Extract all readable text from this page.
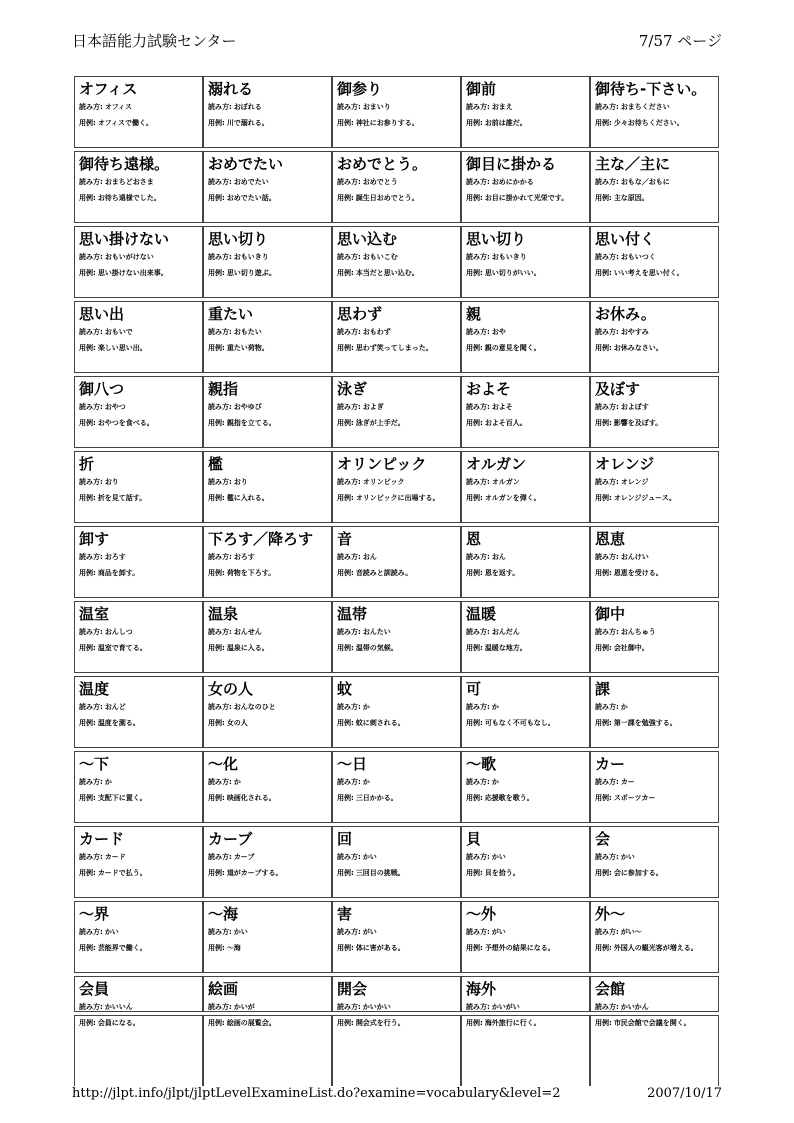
日本語能力試験センター	7/57 ページ
オフィス
読み方: オフィス
用例: オフィスで働く。
溺れる
読み方: おぼれる
用例: 川で溺れる。
御参り
読み方: おまいり
用例: 神社にお参りする。
御前
読み方: おまえ
用例: お前は誰だ。
御待ち-下さい。
読み方: おまちください
用例: 少々お待ちください。
御待ち遠様。
読み方: おまちどおさま
用例: お待ち遠様でした。
おめでたい
読み方: おめでたい
用例: おめでたい話。
おめでとう。
読み方: おめでとう
用例: 誕生日おめでとう。
御目に掛かる
読み方: おめにかかる
用例: お目に掛かれて光栄です。
主な／主に
読み方: おもな／おもに
用例: 主な原因。
思い掛けない
読み方: おもいがけない
用例: 思い掛けない出来事。
思い切り
読み方: おもいきり
用例: 思い切り遊ぶ。
思い込む
読み方: おもいこむ
用例: 本当だと思い込む。
思い切り
読み方: おもいきり
用例: 思い切りがいい。
思い付く
読み方: おもいつく
用例: いい考えを思い付く。
思い出
読み方: おもいで
用例: 楽しい思い出。
重たい
読み方: おもたい
用例: 重たい荷物。
思わず
読み方: おもわず
用例: 思わず笑ってしまった。
親
読み方: おや
用例: 親の意見を聞く。
お休み。
読み方: おやすみ
用例: お休みなさい。
御八つ
読み方: おやつ
用例: おやつを食べる。
親指
読み方: おやゆび
用例: 親指を立てる。
泳ぎ
読み方: およぎ
用例: 泳ぎが上手だ。
およそ
読み方: およそ
用例: およそ百人。
及ぼす
読み方: およぼす
用例: 影響を及ぼす。
折
読み方: おり
用例: 折を見て話す。
檻
読み方: おり
用例: 檻に入れる。
オリンピック
読み方: オリンピック
用例: オリンピックに出場する。
オルガン
読み方: オルガン
用例: オルガンを弾く。
オレンジ
読み方: オレンジ
用例: オレンジジュース。
卸す
読み方: おろす
用例: 商品を卸す。
下ろす／降ろす
読み方: おろす
用例: 荷物を下ろす。
音
読み方: おん
用例: 音読みと訓読み。
恩
読み方: おん
用例: 恩を返す。
恩恵
読み方: おんけい
用例: 恩恵を受ける。
温室
読み方: おんしつ
用例: 温室で育てる。
温泉
読み方: おんせん
用例: 温泉に入る。
温帯
読み方: おんたい
用例: 温帯の気候。
温暖
読み方: おんだん
用例: 温暖な地方。
御中
読み方: おんちゅう
用例: 会社御中。
温度
読み方: おんど
用例: 温度を測る。
女の人
読み方: おんなのひと
用例: 女の人
蚊
読み方: か
用例: 蚊に刺される。
可
読み方: か
用例: 可もなく不可もなし。
課
読み方: か
用例: 第一課を勉強する。
～下
読み方: か
用例: 支配下に置く。
～化
読み方: か
用例: 映画化される。
～日
読み方: か
用例: 三日かかる。
～歌
読み方: か
用例: 応援歌を歌う。
カー
読み方: カー
用例: スポーツカー
カード
読み方: カード
用例: カードで払う。
カーブ
読み方: カーブ
用例: 道がカーブする。
回
読み方: かい
用例: 三回目の挑戦。
貝
読み方: かい
用例: 貝を拾う。
会
読み方: かい
用例: 会に参加する。
～界
読み方: かい
用例: 芸能界で働く。
～海
読み方: かい
用例: ～海
害
読み方: がい
用例: 体に害がある。
～外
読み方: がい
用例: 予想外の結果になる。
外～
読み方: がい～
用例: 外国人の観光客が増える。
会員
読み方: かいいん
用例: 会員になる。
絵画
読み方: かいが
用例: 絵画の展覧会。
開会
読み方: かいかい
用例: 開会式を行う。
海外
読み方: かいがい
用例: 海外旅行に行く。
会館
読み方: かいかん
用例: 市民会館で会議を開く。
http://jlpt.info/jlpt/jlptLevelExamineList.do?examine=vocabulary&level=2	2007/10/17
